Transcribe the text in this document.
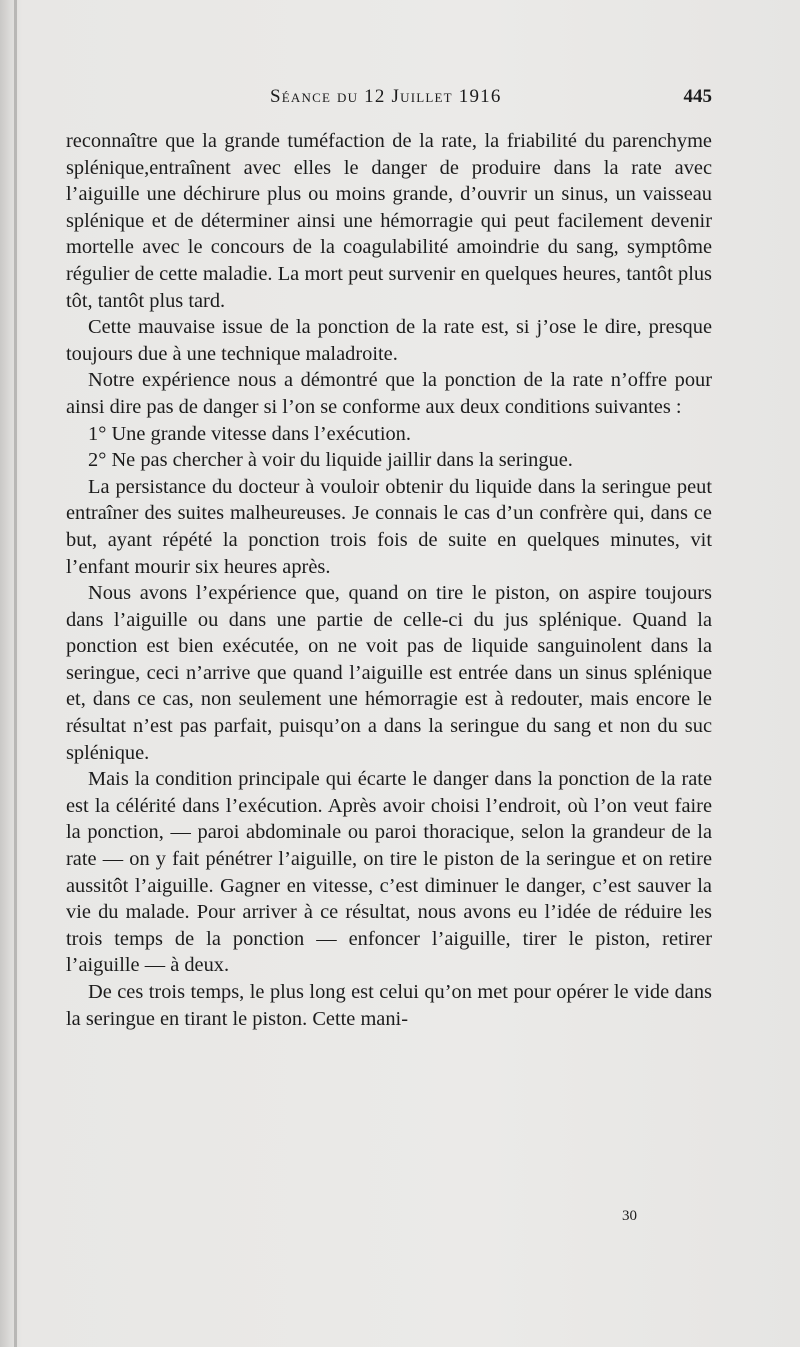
Séance du 12 Juillet 1916	445

reconnaître que la grande tuméfaction de la rate, la friabilité du parenchyme splénique,entraînent avec elles le danger de produire dans la rate avec l’aiguille une déchirure plus ou moins grande, d’ouvrir un sinus, un vaisseau splénique et de déterminer ainsi une hémorragie qui peut facilement devenir mortelle avec le concours de la coagulabilité amoindrie du sang, symptôme régulier de cette maladie. La mort peut survenir en quelques heures, tantôt plus tôt, tantôt plus tard.

Cette mauvaise issue de la ponction de la rate est, si j’ose le dire, presque toujours due à une technique maladroite.

Notre expérience nous a démontré que la ponction de la rate n’offre pour ainsi dire pas de danger si l’on se conforme aux deux conditions suivantes :

1° Une grande vitesse dans l’exécution.

2° Ne pas chercher à voir du liquide jaillir dans la seringue.

La persistance du docteur à vouloir obtenir du liquide dans la seringue peut entraîner des suites malheureuses. Je connais le cas d’un confrère qui, dans ce but, ayant répété la ponction trois fois de suite en quelques minutes, vit l’enfant mourir six heures après.

Nous avons l’expérience que, quand on tire le piston, on aspire toujours dans l’aiguille ou dans une partie de celle-ci du jus splénique. Quand la ponction est bien exécutée, on ne voit pas de liquide sanguinolent dans la seringue, ceci n’arrive que quand l’aiguille est entrée dans un sinus splénique et, dans ce cas, non seulement une hémorragie est à redouter, mais encore le résultat n’est pas parfait, puisqu’on a dans la seringue du sang et non du suc splénique.

Mais la condition principale qui écarte le danger dans la ponction de la rate est la célérité dans l’exécution. Après avoir choisi l’endroit, où l’on veut faire la ponction, — paroi abdominale ou paroi thoracique, selon la grandeur de la rate — on y fait pénétrer l’aiguille, on tire le piston de la seringue et on retire aussitôt l’aiguille. Gagner en vitesse, c’est diminuer le danger, c’est sauver la vie du malade. Pour arriver à ce résultat, nous avons eu l’idée de réduire les trois temps de la ponction — enfoncer l’aiguille, tirer le piston, retirer l’aiguille — à deux.

De ces trois temps, le plus long est celui qu’on met pour opérer le vide dans la seringue en tirant le piston. Cette mani-

30
